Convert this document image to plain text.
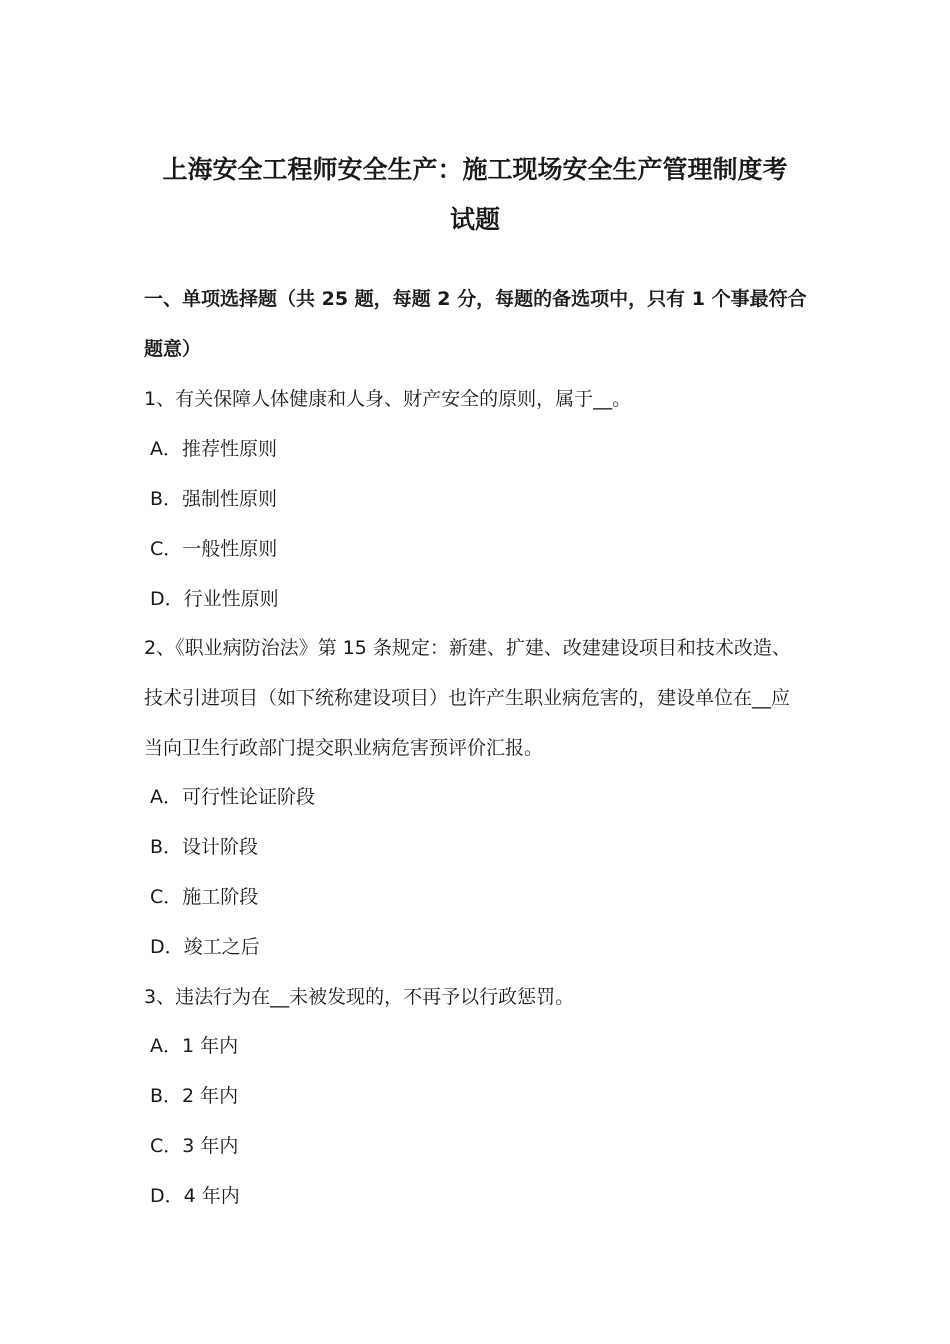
上海安全工程师安全生产：施工现场安全生产管理制度考
试题

一、单项选择题（共 25 题，每题 2 分，每题的备选项中，只有 1 个事最符合

题意）

1、有关保障人体健康和人身、财产安全的原则，属于__。

A．推荐性原则

B．强制性原则

C．一般性原则

D．行业性原则

2、《职业病防治法》第 15 条规定：新建、扩建、改建建设项目和技术改造、

技术引进项目（如下统称建设项目）也许产生职业病危害的，建设单位在__应

当向卫生行政部门提交职业病危害预评价汇报。

A．可行性论证阶段

B．设计阶段

C．施工阶段

D．竣工之后

3、违法行为在__未被发现的，不再予以行政惩罚。

A．1 年内

B．2 年内

C．3 年内

D．4 年内
